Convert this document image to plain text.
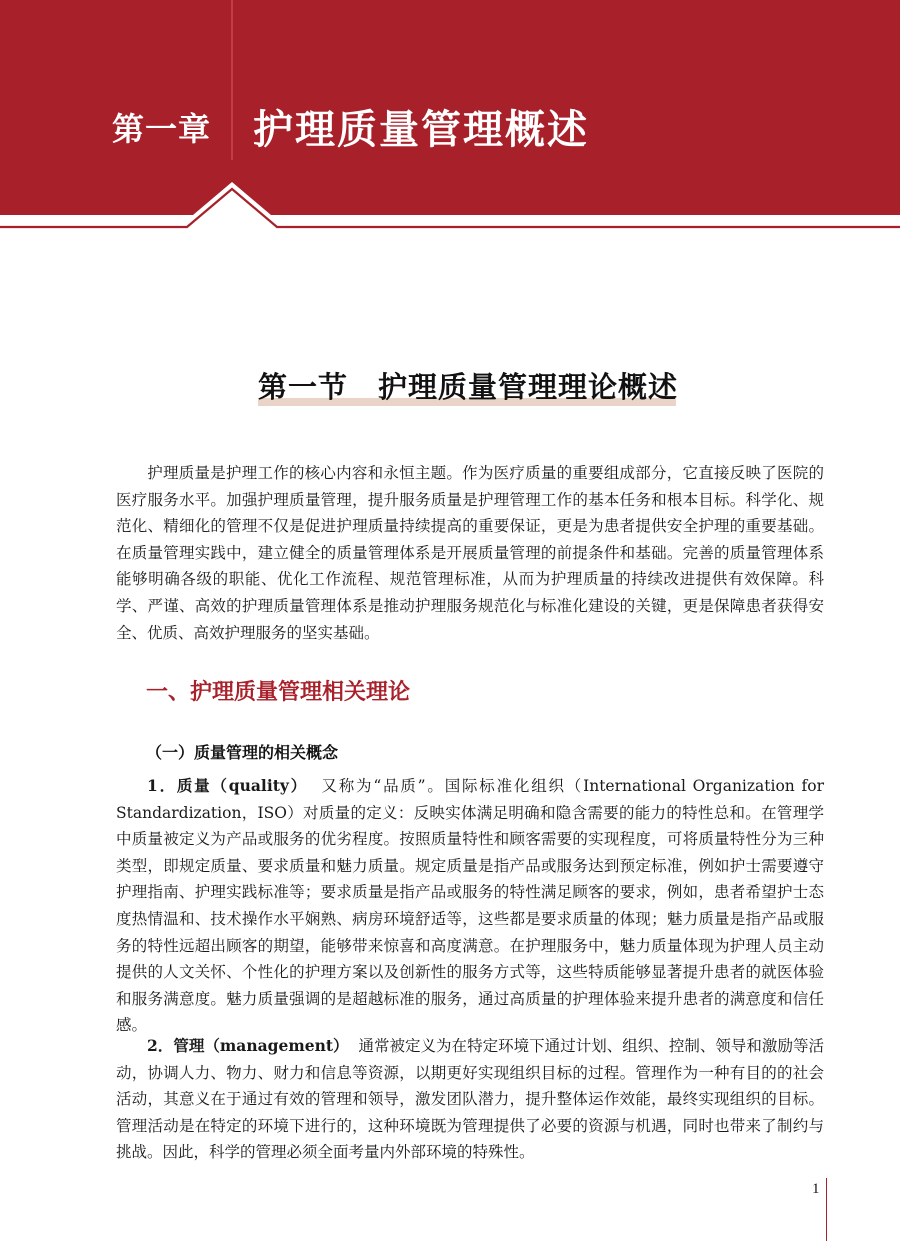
第一章 护理质量管理概述
第一节 护理质量管理理论概述
护理质量是护理工作的核心内容和永恒主题。作为医疗质量的重要组成部分，它直接反映了医院的医疗服务水平。加强护理质量管理，提升服务质量是护理管理工作的基本任务和根本目标。科学化、规范化、精细化的管理不仅是促进护理质量持续提高的重要保证，更是为患者提供安全护理的重要基础。在质量管理实践中，建立健全的质量管理体系是开展质量管理的前提条件和基础。完善的质量管理体系能够明确各级的职能、优化工作流程、规范管理标准，从而为护理质量的持续改进提供有效保障。科学、严谨、高效的护理质量管理体系是推动护理服务规范化与标准化建设的关键，更是保障患者获得安全、优质、高效护理服务的坚实基础。
一、护理质量管理相关理论
（一）质量管理的相关概念
1．质量（quality） 又称为“品质”。国际标准化组织（International Organization for Standardization，ISO）对质量的定义：反映实体满足明确和隐含需要的能力的特性总和。在管理学中质量被定义为产品或服务的优劣程度。按照质量特性和顾客需要的实现程度，可将质量特性分为三种类型，即规定质量、要求质量和魅力质量。规定质量是指产品或服务达到预定标准，例如护士需要遵守护理指南、护理实践标准等；要求质量是指产品或服务的特性满足顾客的要求，例如，患者希望护士态度热情温和、技术操作水平娴熟、病房环境舒适等，这些都是要求质量的体现；魅力质量是指产品或服务的特性远超出顾客的期望，能够带来惊喜和高度满意。在护理服务中，魅力质量体现为护理人员主动提供的人文关怀、个性化的护理方案以及创新性的服务方式等，这些特质能够显著提升患者的就医体验和服务满意度。魅力质量强调的是超越标准的服务，通过高质量的护理体验来提升患者的满意度和信任感。
2．管理（management） 通常被定义为在特定环境下通过计划、组织、控制、领导和激励等活动，协调人力、物力、财力和信息等资源，以期更好实现组织目标的过程。管理作为一种有目的的社会活动，其意义在于通过有效的管理和领导，激发团队潜力，提升整体运作效能，最终实现组织的目标。管理活动是在特定的环境下进行的，这种环境既为管理提供了必要的资源与机遇，同时也带来了制约与挑战。因此，科学的管理必须全面考量内外部环境的特殊性。
1
